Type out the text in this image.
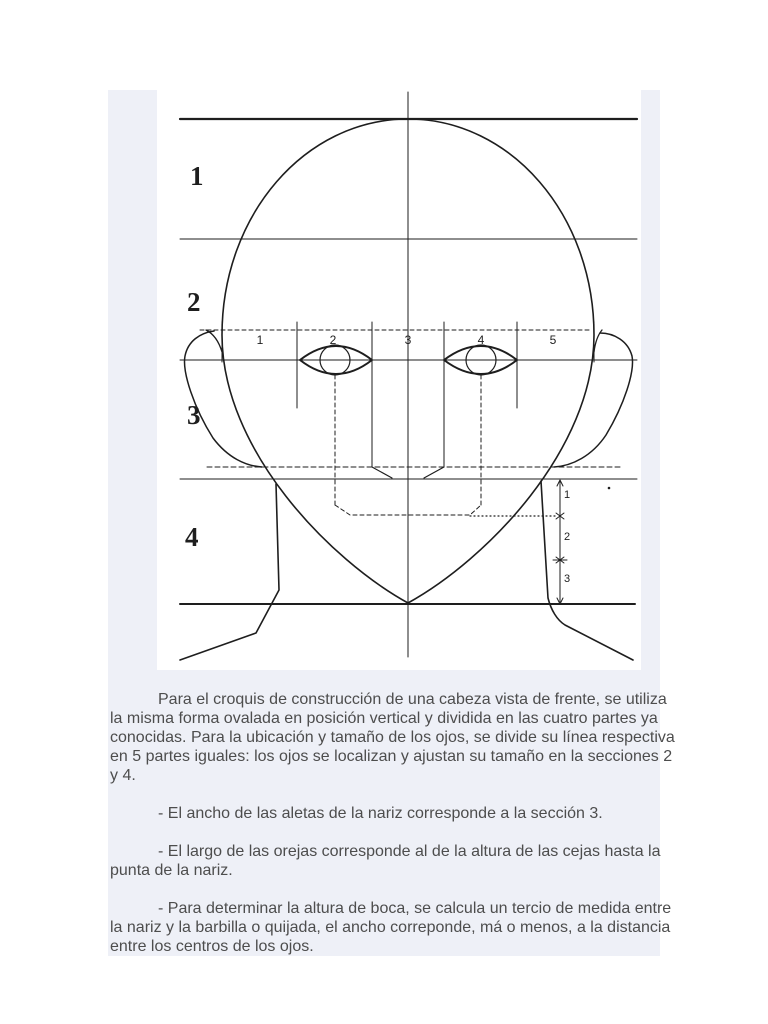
1
2
3
4
1	2	3	4	5
1
2
3

Para el croquis de construcción de una cabeza vista de frente, se utiliza
la misma forma ovalada en posición vertical y dividida en las cuatro partes ya
conocidas. Para la ubicación y tamaño de los ojos, se divide su línea respectiva
en 5 partes iguales: los ojos se localizan y ajustan su tamaño en la secciones 2
y 4.

- El ancho de las aletas de la nariz corresponde a la sección 3.

- El largo de las orejas corresponde al de la altura de las cejas hasta la
punta de la nariz.

- Para determinar la altura de boca, se calcula un tercio de medida entre
la nariz y la barbilla o quijada, el ancho correponde, má o menos, a la distancia
entre los centros de los ojos.
